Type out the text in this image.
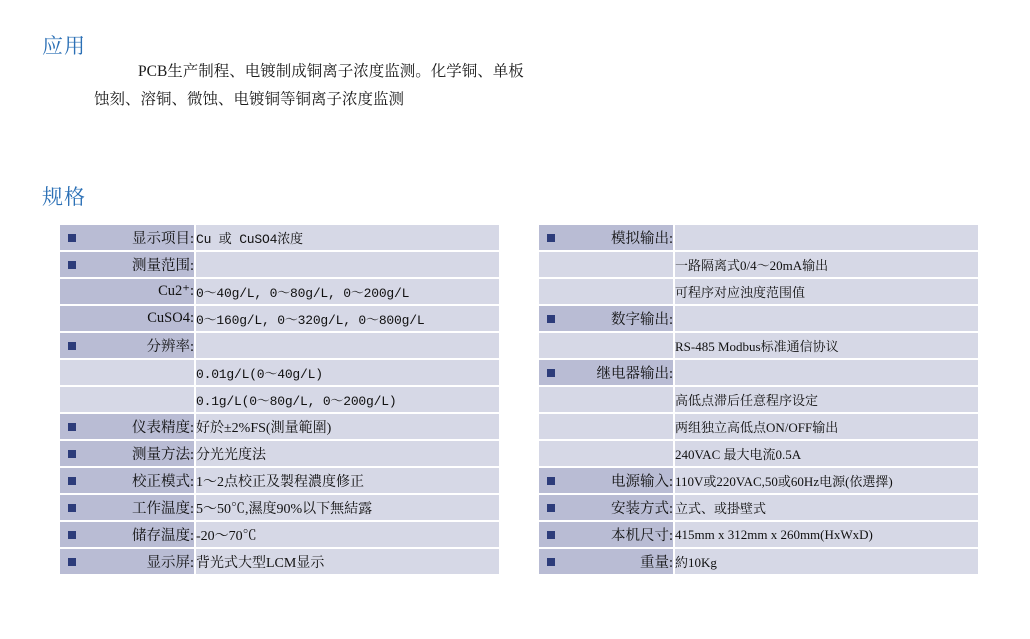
应用
PCB生产制程、电镀制成铜离子浓度监测。化学铜、单板
蚀刻、溶铜、微蚀、电镀铜等铜离子浓度监测
规格
显示项目:	Cu 或 CuSO4浓度

测量范围:	
Cu2⁺:	0～40g/L, 0～80g/L, 0～200g/L
CuSO4:	0～160g/L, 0～320g/L, 0～800g/L

分辨率:	
	0.01g/L(0～40g/L)
	0.1g/L(0～80g/L, 0～200g/L)

仪表精度:	好於±2%FS(測量範圍)

测量方法:	分光光度法

校正模式:	1～2点校正及製程濃度修正

工作温度:	5～50℃,濕度90%以下無結露

储存温度:	-20～70℃

显示屏:	背光式大型LCM显示
模拟输出:	
	一路隔离式0/4～20mA输出
	可程序对应浊度范围值

数字输出:	
	RS-485 Modbus标准通信协议

继电器输出:	
	高低点滞后任意程序设定
	两组独立高低点ON/OFF输出
	240VAC 最大电流0.5A

电源输入:	110V或220VAC,50或60Hz电源(依選擇)

安装方式:	立式、或掛壁式

本机尺寸:	415mm x 312mm x 260mm(HxWxD)

重量:	約10Kg
